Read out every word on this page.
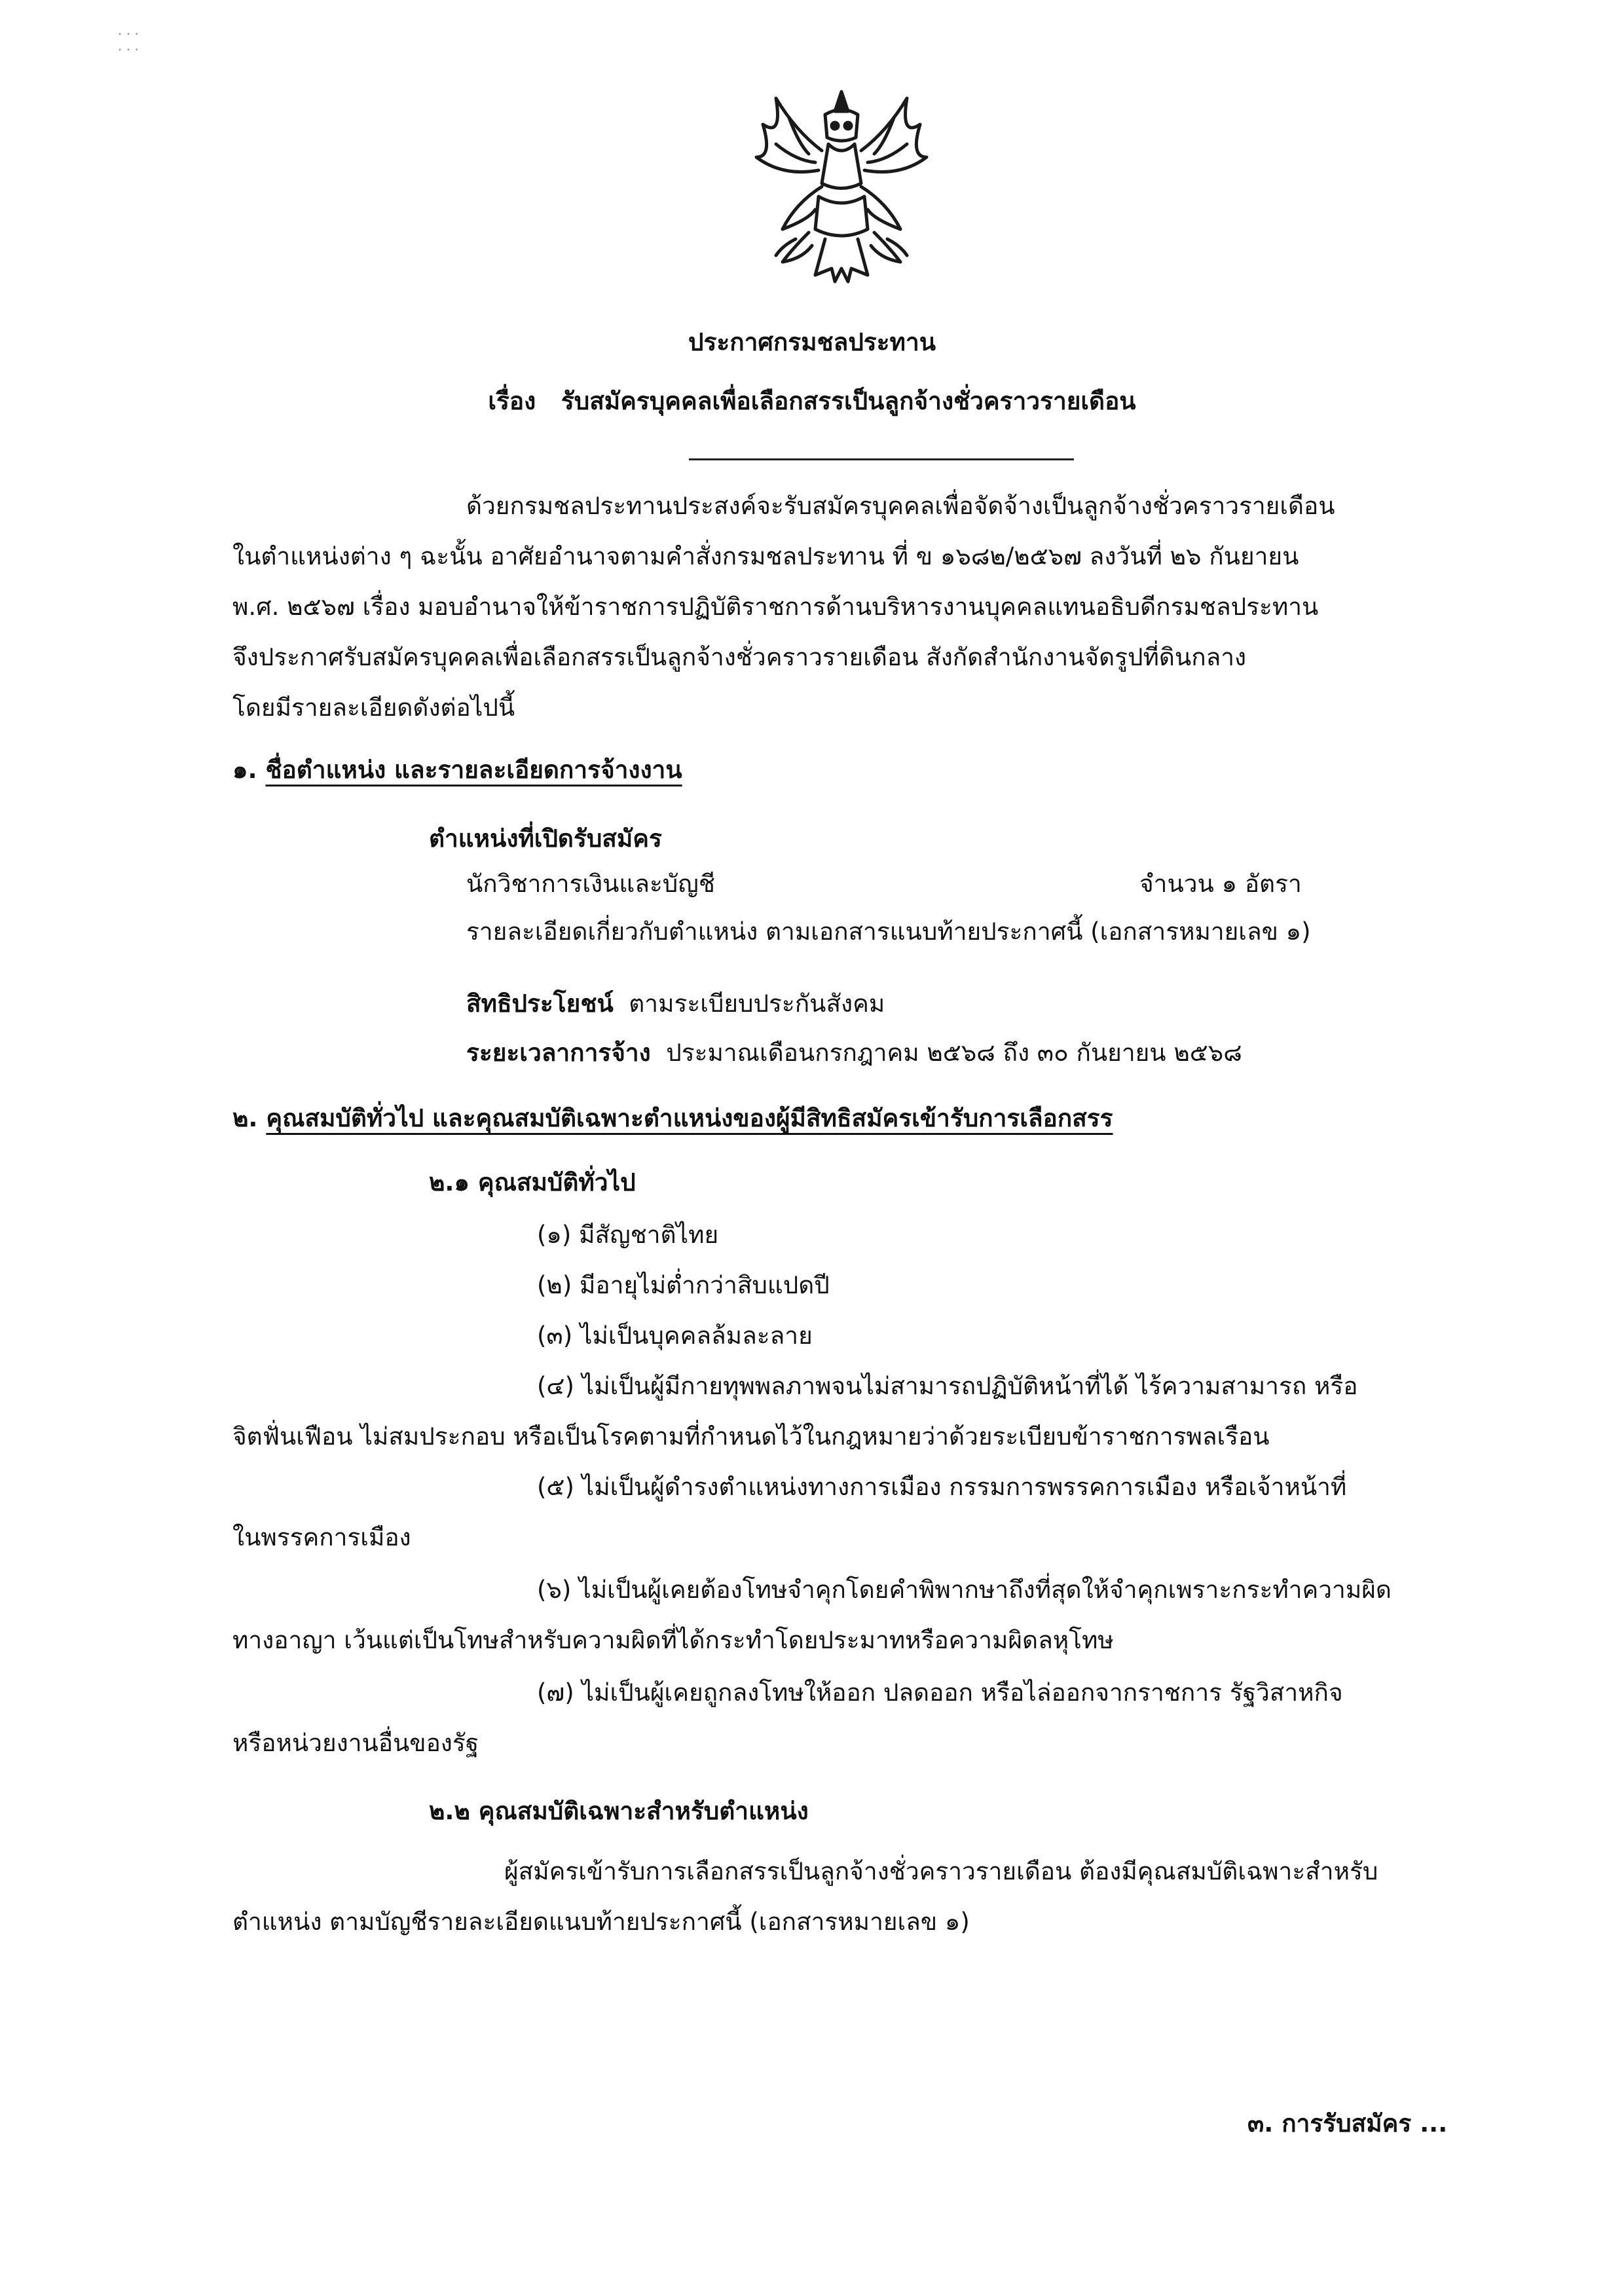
· · ·
· · ·
ประกาศกรมชลประทาน
เรื่อง รับสมัครบุคคลเพื่อเลือกสรรเป็นลูกจ้างชั่วคราวรายเดือน
ด้วยกรมชลประทานประสงค์จะรับสมัครบุคคลเพื่อจัดจ้างเป็นลูกจ้างชั่วคราวรายเดือน
ในตำแหน่งต่าง ๆ ฉะนั้น อาศัยอำนาจตามคำสั่งกรมชลประทาน ที่ ข ๑๖๘๒/๒๕๖๗ ลงวันที่ ๒๖ กันยายน
พ.ศ. ๒๕๖๗ เรื่อง มอบอำนาจให้ข้าราชการปฏิบัติราชการด้านบริหารงานบุคคลแทนอธิบดีกรมชลประทาน
จึงประกาศรับสมัครบุคคลเพื่อเลือกสรรเป็นลูกจ้างชั่วคราวรายเดือน สังกัดสำนักงานจัดรูปที่ดินกลาง
โดยมีรายละเอียดดังต่อไปนี้
๑. ชื่อตำแหน่ง และรายละเอียดการจ้างงาน
ตำแหน่งที่เปิดรับสมัคร
นักวิชาการเงินและบัญชี	จำนวน ๑ อัตรา
รายละเอียดเกี่ยวกับตำแหน่ง ตามเอกสารแนบท้ายประกาศนี้ (เอกสารหมายเลข ๑)
สิทธิประโยชน์ ตามระเบียบประกันสังคม
ระยะเวลาการจ้าง ประมาณเดือนกรกฎาคม ๒๕๖๘ ถึง ๓๐ กันยายน ๒๕๖๘
๒. คุณสมบัติทั่วไป และคุณสมบัติเฉพาะตำแหน่งของผู้มีสิทธิสมัครเข้ารับการเลือกสรร
๒.๑ คุณสมบัติทั่วไป
(๑) มีสัญชาติไทย
(๒) มีอายุไม่ต่ำกว่าสิบแปดปี
(๓) ไม่เป็นบุคคลล้มละลาย
(๔) ไม่เป็นผู้มีกายทุพพลภาพจนไม่สามารถปฏิบัติหน้าที่ได้ ไร้ความสามารถ หรือ
จิตฟั่นเฟือน ไม่สมประกอบ หรือเป็นโรคตามที่กำหนดไว้ในกฎหมายว่าด้วยระเบียบข้าราชการพลเรือน
(๕) ไม่เป็นผู้ดำรงตำแหน่งทางการเมือง กรรมการพรรคการเมือง หรือเจ้าหน้าที่
ในพรรคการเมือง
(๖) ไม่เป็นผู้เคยต้องโทษจำคุกโดยคำพิพากษาถึงที่สุดให้จำคุกเพราะกระทำความผิด
ทางอาญา เว้นแต่เป็นโทษสำหรับความผิดที่ได้กระทำโดยประมาทหรือความผิดลหุโทษ
(๗) ไม่เป็นผู้เคยถูกลงโทษให้ออก ปลดออก หรือไล่ออกจากราชการ รัฐวิสาหกิจ
หรือหน่วยงานอื่นของรัฐ
๒.๒ คุณสมบัติเฉพาะสำหรับตำแหน่ง
ผู้สมัครเข้ารับการเลือกสรรเป็นลูกจ้างชั่วคราวรายเดือน ต้องมีคุณสมบัติเฉพาะสำหรับ
ตำแหน่ง ตามบัญชีรายละเอียดแนบท้ายประกาศนี้ (เอกสารหมายเลข ๑)
๓. การรับสมัคร ...
